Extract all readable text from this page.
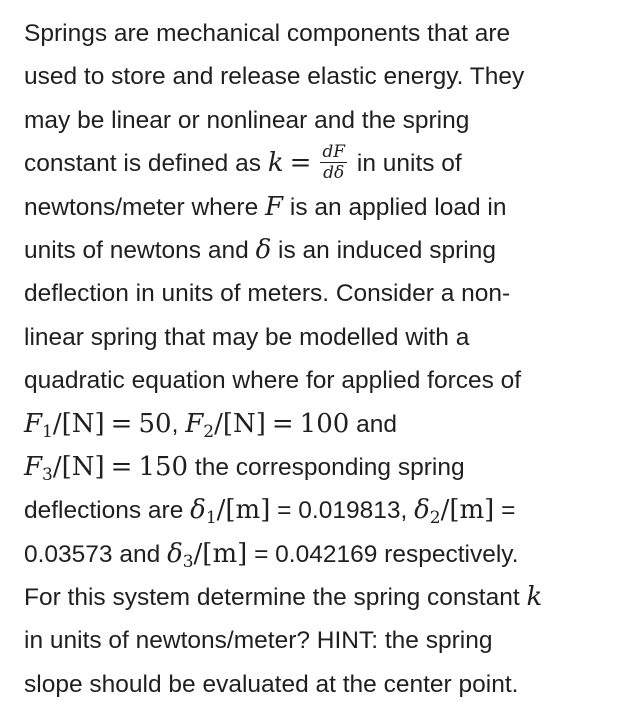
Springs are mechanical components that are
used to store and release elastic energy. They
may be linear or nonlinear and the spring
constant is defined as $k = \frac{dF}{d\delta}$ in units of
newtons/meter where F is an applied load in
units of newtons and δ is an induced spring
deflection in units of meters. Consider a non-
linear spring that may be modelled with a
quadratic equation where for applied forces of
$F_1/[N] = 50$, $F_2/[N] = 100$ and
$F_3/[N] = 150$ the corresponding spring
deflections are $\delta_1/[m] = 0.019813$, $\delta_2/[m]$ =
0.03573 and $\delta_3/[m] = 0.042169$ respectively.
For this system determine the spring constant k
in units of newtons/meter? HINT: the spring
slope should be evaluated at the center point.
